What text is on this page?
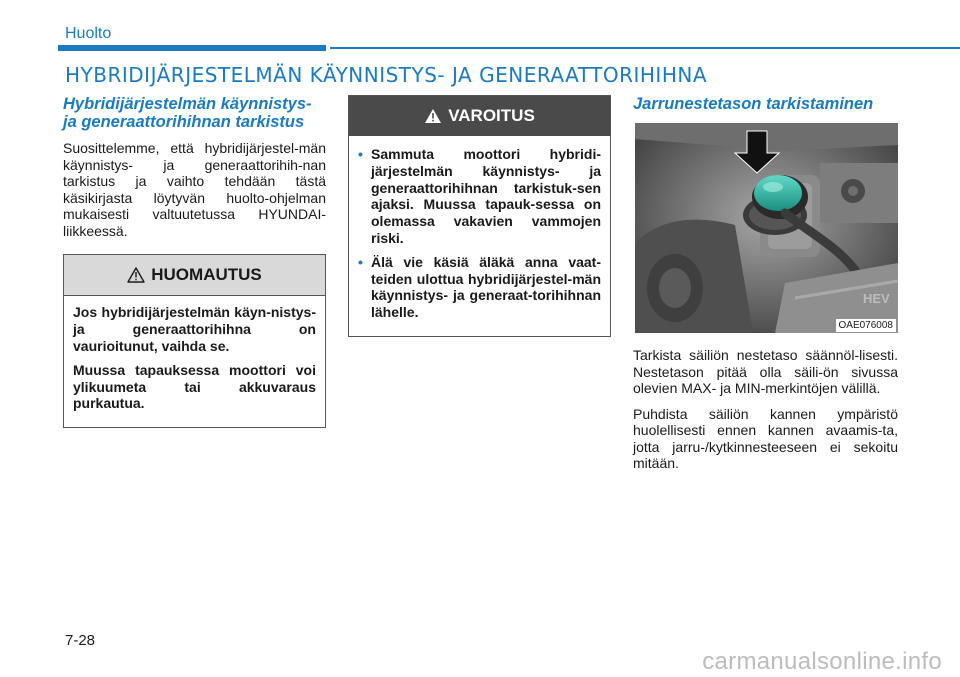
Huolto
HYBRIDIJÄRJESTELMÄN KÄYNNISTYS- JA GENERAATTORIHIHNA
Hybridijärjestelmän käynnistys- ja generaattorihihnan tarkistus

Suosittelemme, että hybridijärjestel-män käynnistys- ja generaattorihih-nan tarkistus ja vaihto tehdään tästä käsikirjasta löytyvän huolto-ohjelman mukaisesti valtuutetussa HYUNDAI-liikkeessä.

HUOMAUTUS

Jos hybridijärjestelmän käyn-nistys- ja generaattorihihna on vaurioitunut, vaihda se.

Muussa tapauksessa moottori voi ylikuumeta tai akkuvaraus purkautua.

VAROITUS
• Sammuta moottori hybridi-järjestelmän käynnistys- ja generaattorihihnan tarkistuk-sen ajaksi. Muussa tapauk-sessa on olemassa vakavien vammojen riski.
• Älä vie käsiä äläkä anna vaat-teiden ulottua hybridijärjestel-män käynnistys- ja generaat-torihihnan lähelle.
Jarrunestetason tarkistaminen
HEV
OAE076008

Tarkista säiliön nestetaso säännöl-lisesti. Nestetason pitää olla säili-ön sivussa olevien MAX- ja MIN-merkintöjen välillä.

Puhdista säiliön kannen ympäristö huolellisesti ennen kannen avaamis-ta, jotta jarru-/kytkinnesteeseen ei sekoitu mitään.

7-28
carmanualsonline.info
